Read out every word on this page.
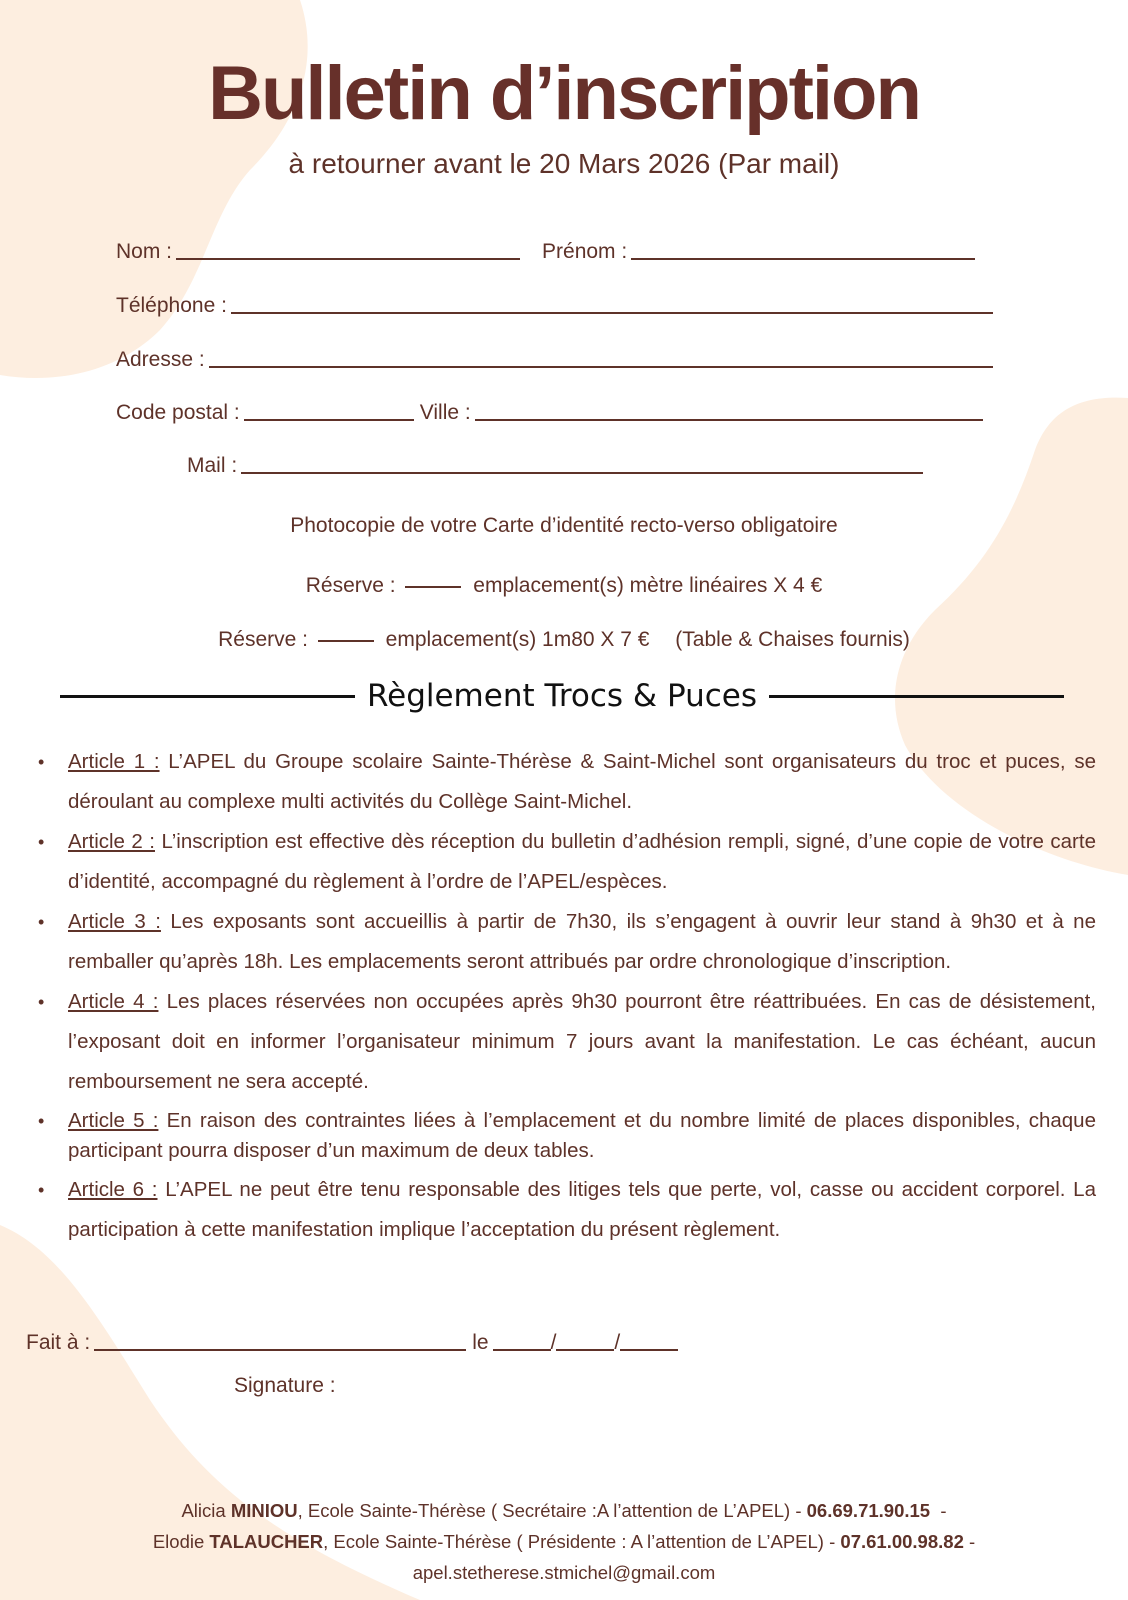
Bulletin d’inscription
à retourner avant le 20 Mars 2026 (Par mail)
Nom :	Prénom :
Téléphone :
Adresse :
Code postal :	Ville :
Mail :
Photocopie de votre Carte d’identité recto-verso obligatoire
Réserve :	emplacement(s) mètre linéaires X 4 €
Réserve :	emplacement(s) 1m80 X 7 € (Table & Chaises fournis)
Règlement Trocs & Puces
• Article 1 : L’APEL du Groupe scolaire Sainte-Thérèse & Saint-Michel sont organisateurs du troc et puces, se déroulant au complexe multi activités du Collège Saint-Michel.
• Article 2 : L’inscription est effective dès réception du bulletin d’adhésion rempli, signé, d’une copie de votre carte d’identité, accompagné du règlement à l’ordre de l’APEL/espèces.
• Article 3 : Les exposants sont accueillis à partir de 7h30, ils s’engagent à ouvrir leur stand à 9h30 et à ne remballer qu’après 18h. Les emplacements seront attribués par ordre chronologique d’inscription.
• Article 4 : Les places réservées non occupées après 9h30 pourront être réattribuées. En cas de désistement, l’exposant doit en informer l’organisateur minimum 7 jours avant la manifestation. Le cas échéant, aucun remboursement ne sera accepté.
• Article 5 : En raison des contraintes liées à l’emplacement et du nombre limité de places disponibles, chaque participant pourra disposer d’un maximum de deux tables.
• Article 6 : L’APEL ne peut être tenu responsable des litiges tels que perte, vol, casse ou accident corporel. La participation à cette manifestation implique l’acceptation du présent règlement.
Fait à :	le	/	/
Signature :
Alicia MINIOU, Ecole Sainte-Thérèse ( Secrétaire :A l’attention de L’APEL) - 06.69.71.90.15  -
Elodie TALAUCHER, Ecole Sainte-Thérèse ( Présidente : A l’attention de L’APEL) - 07.61.00.98.82 -
apel.stetherese.stmichel@gmail.com
